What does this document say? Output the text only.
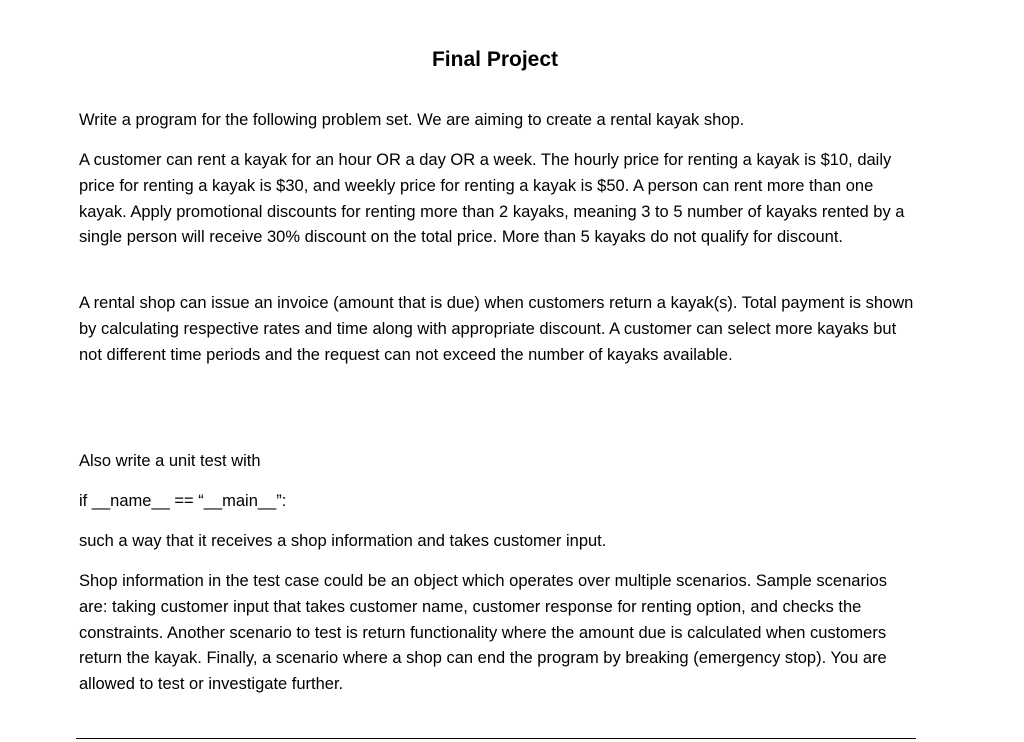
Final Project

Write a program for the following problem set. We are aiming to create a rental kayak shop.

A customer can rent a kayak for an hour OR a day OR a week. The hourly price for renting a kayak is $10, daily price for renting a kayak is $30, and weekly price for renting a kayak is $50. A person can rent more than one kayak. Apply promotional discounts for renting more than 2 kayaks, meaning 3 to 5 number of kayaks rented by a single person will receive 30% discount on the total price. More than 5 kayaks do not qualify for discount.

A rental shop can issue an invoice (amount that is due) when customers return a kayak(s). Total payment is shown by calculating respective rates and time along with appropriate discount. A customer can select more kayaks but not different time periods and the request can not exceed the number of kayaks available.

Also write a unit test with

if __name__ == “__main__”:

such a way that it receives a shop information and takes customer input.

Shop information in the test case could be an object which operates over multiple scenarios. Sample scenarios are: taking customer input that takes customer name, customer response for renting option, and checks the constraints. Another scenario to test is return functionality where the amount due is calculated when customers return the kayak. Finally, a scenario where a shop can end the program by breaking (emergency stop). You are allowed to test or investigate further.
